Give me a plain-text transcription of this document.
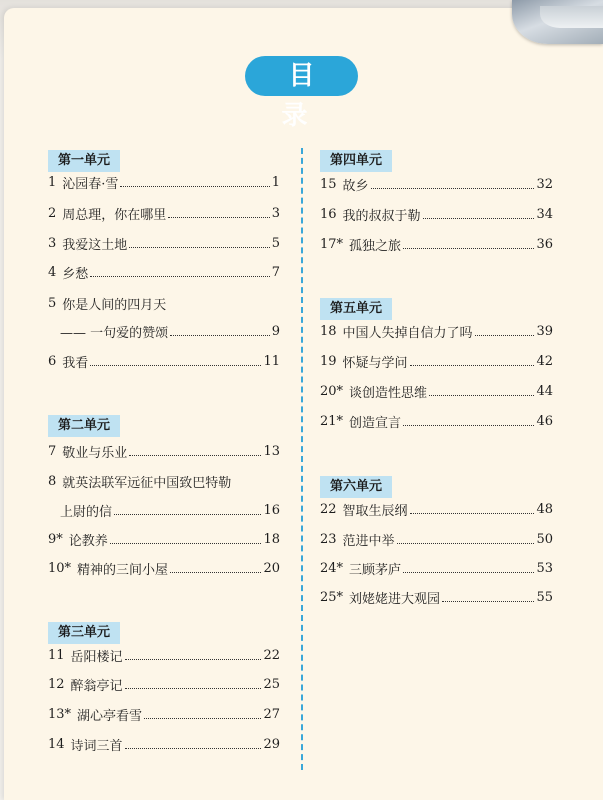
目 录
第一单元
1 沁园春·雪	1
2 周总理，你在哪里	3
3 我爱这土地	5
4 乡愁	7
5 你是人间的四月天
—— 一句爱的赞颂	9
6 我看	11
第二单元
7 敬业与乐业	13
8 就英法联军远征中国致巴特勒
上尉的信	16
9* 论教养	18
10* 精神的三间小屋	20
第三单元
11 岳阳楼记	22
12 醉翁亭记	25
13* 湖心亭看雪	27
14 诗词三首	29
第四单元
15 故乡	32
16 我的叔叔于勒	34
17* 孤独之旅	36
第五单元
18 中国人失掉自信力了吗	39
19 怀疑与学问	42
20* 谈创造性思维	44
21* 创造宣言	46
第六单元
22 智取生辰纲	48
23 范进中举	50
24* 三顾茅庐	53
25* 刘姥姥进大观园	55
